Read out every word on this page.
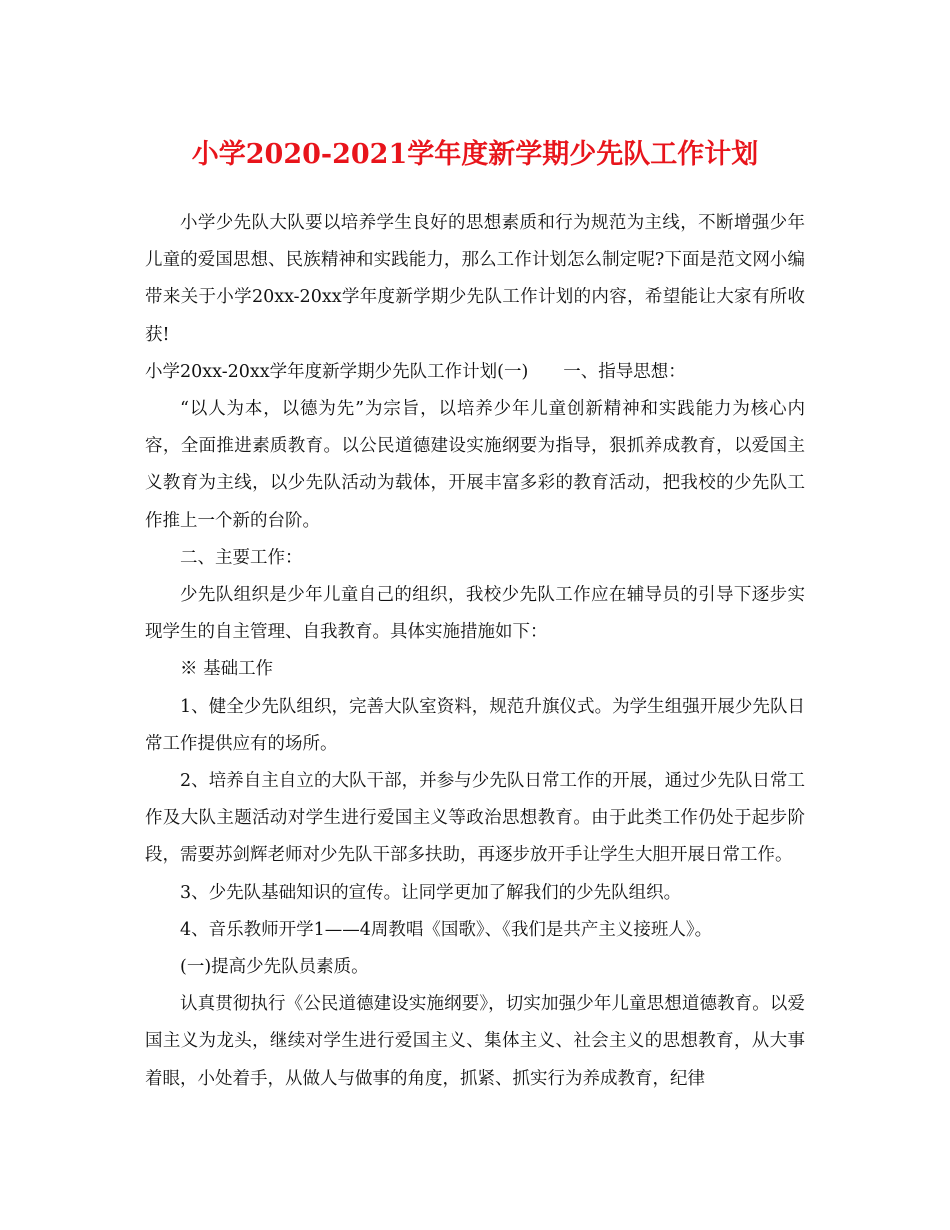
小学2020-2021学年度新学期少先队工作计划

小学少先队大队要以培养学生良好的思想素质和行为规范为主线，不断增强少年儿童的爱国思想、民族精神和实践能力，那么工作计划怎么制定呢?下面是范文网小编带来关于小学20xx-20xx学年度新学期少先队工作计划的内容，希望能让大家有所收获!

小学20xx-20xx学年度新学期少先队工作计划(一)　　一、指导思想：

“以人为本，以德为先”为宗旨，以培养少年儿童创新精神和实践能力为核心内容，全面推进素质教育。以公民道德建设实施纲要为指导，狠抓养成教育，以爱国主义教育为主线，以少先队活动为载体，开展丰富多彩的教育活动，把我校的少先队工作推上一个新的台阶。

二、主要工作：

少先队组织是少年儿童自己的组织，我校少先队工作应在辅导员的引导下逐步实现学生的自主管理、自我教育。具体实施措施如下：

※ 基础工作

1、健全少先队组织，完善大队室资料，规范升旗仪式。为学生组强开展少先队日常工作提供应有的场所。

2、培养自主自立的大队干部，并参与少先队日常工作的开展，通过少先队日常工作及大队主题活动对学生进行爱国主义等政治思想教育。由于此类工作仍处于起步阶段，需要苏剑辉老师对少先队干部多扶助，再逐步放开手让学生大胆开展日常工作。

3、少先队基础知识的宣传。让同学更加了解我们的少先队组织。

4、音乐教师开学1——4周教唱《国歌》、《我们是共产主义接班人》。

(一)提高少先队员素质。

认真贯彻执行《公民道德建设实施纲要》，切实加强少年儿童思想道德教育。以爱国主义为龙头，继续对学生进行爱国主义、集体主义、社会主义的思想教育，从大事着眼，小处着手，从做人与做事的角度，抓紧、抓实行为养成教育，纪律
